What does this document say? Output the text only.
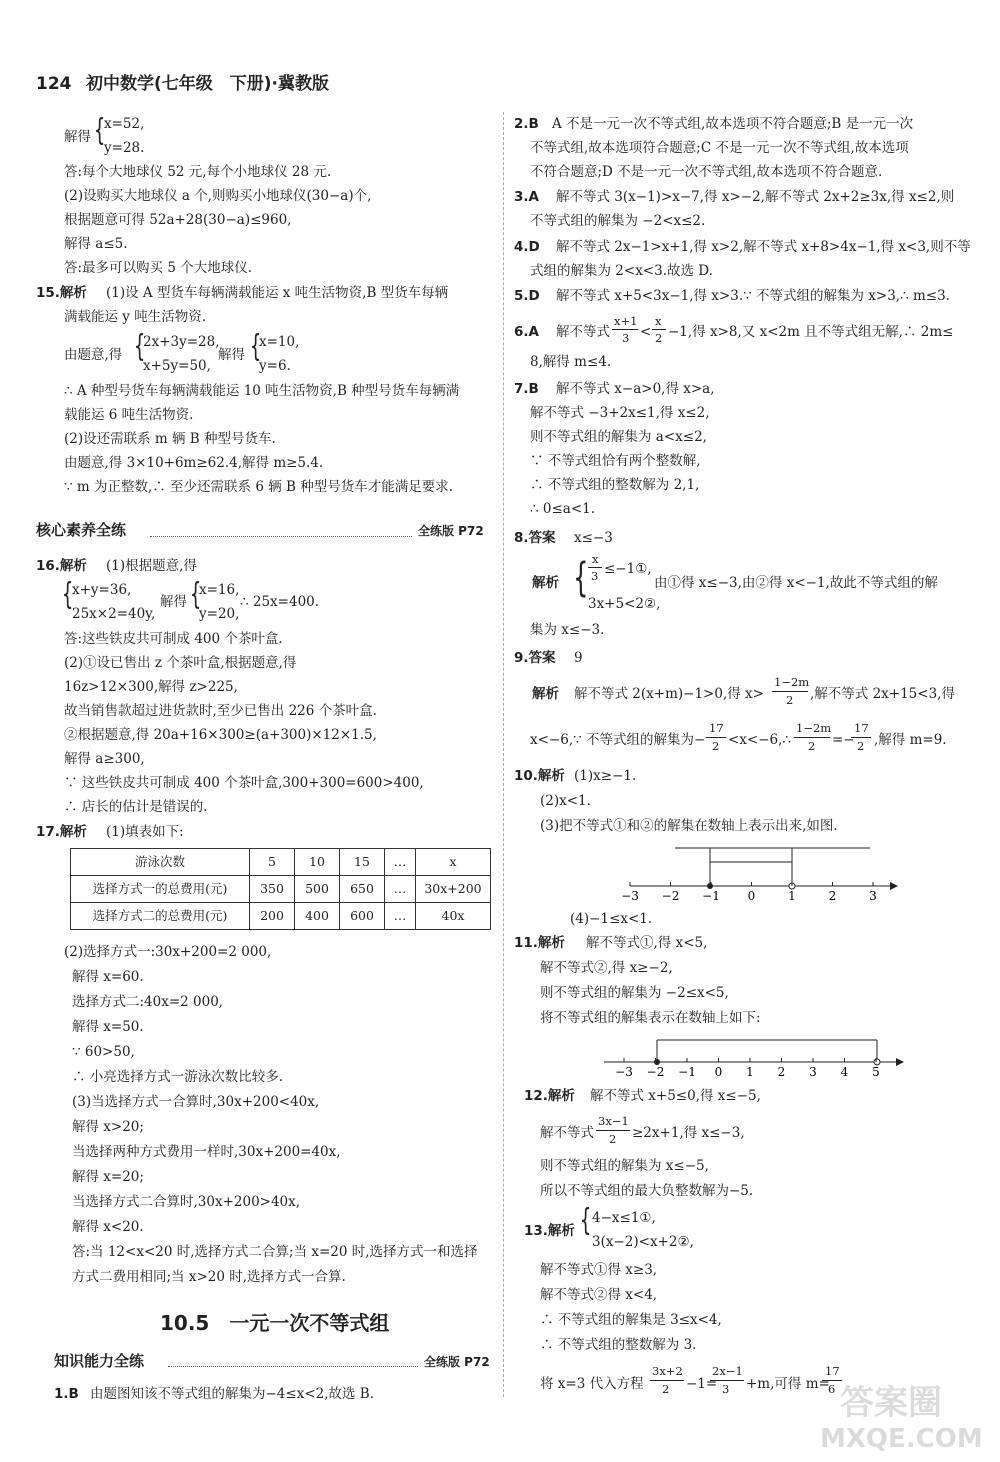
124 初中数学(七年级　下册)·冀教版
解得 {
x=52,
y=28.
答:每个大地球仪 52 元,每个小地球仪 28 元.
(2)设购买大地球仪 a 个,则购买小地球仪(30−a)个,
根据题意可得 52a+28(30−a)≤960,
解得 a≤5.
答:最多可以购买 5 个大地球仪.
15.解析 (1)设 A 型货车每辆满载能运 x 吨生活物资,B 型货车每辆
满载能运 y 吨生活物资.
由题意,得 {
2x+3y=28,
x+5y=50,
解得 {
x=10,
y=6.
∴ A 种型号货车每辆满载能运 10 吨生活物资,B 种型号货车每辆满
载能运 6 吨生活物资.
(2)设还需联系 m 辆 B 种型号货车.
由题意,得 3×10+6m≥62.4,解得 m≥5.4.
∵ m 为正整数,∴ 至少还需联系 6 辆 B 种型号货车才能满足要求.
核心素养全练	全练版 P72
16.解析 (1)根据题意,得
{
x+y=36,
25x×2=40y,
解得 {
x=16,
y=20,
∴ 25x=400.
答:这些铁皮共可制成 400 个茶叶盒.
(2)①设已售出 z 个茶叶盒,根据题意,得
16z>12×300,解得 z>225,
故当销售款超过进货款时,至少已售出 226 个茶叶盒.
②根据题意,得 20a+16×300≥(a+300)×12×1.5,
解得 a≥300,
∵ 这些铁皮共可制成 400 个茶叶盒,300+300=600>400,
∴ 店长的估计是错误的.
17.解析 (1)填表如下:
游泳次数	5	10	15	…	x
选择方式一的总费用(元)	350	500	650	…	30x+200
选择方式二的总费用(元)	200	400	600	…	40x
(2)选择方式一:30x+200=2 000,
解得 x=60.
选择方式二:40x=2 000,
解得 x=50.
∵ 60>50,
∴ 小亮选择方式一游泳次数比较多.
(3)当选择方式一合算时,30x+200<40x,
解得 x>20;
当选择两种方式费用一样时,30x+200=40x,
解得 x=20;
当选择方式二合算时,30x+200>40x,
解得 x<20.
答:当 12<x<20 时,选择方式二合算;当 x=20 时,选择方式一和选择
方式二费用相同;当 x>20 时,选择方式一合算.
10.5　一元一次不等式组
知识能力全练	全练版 P72
1.B 由题图知该不等式组的解集为−4≤x<2,故选 B.
2.B A 不是一元一次不等式组,故本选项不符合题意;B 是一元一次
不等式组,故本选项符合题意;C 不是一元一次不等式组,故本选项
不符合题意;D 不是一元一次不等式组,故本选项不符合题意.
3.A 解不等式 3(x−1)>x−7,得 x>−2,解不等式 2x+2≥3x,得 x≤2,则
不等式组的解集为 −2<x≤2.
4.D 解不等式 2x−1>x+1,得 x>2,解不等式 x+8>4x−1,得 x<3,则不等
式组的解集为 2<x<3.故选 D.
5.D 解不等式 x+5<3x−1,得 x>3.∵ 不等式组的解集为 x>3,∴ m≤3.
6.A 解不等式
x+1
3 <
x
2 −1,得 x>8,又 x<2m 且不等式组无解,∴ 2m≤
8,解得 m≤4.
7.B 解不等式 x−a>0,得 x>a,
解不等式 −3+2x≤1,得 x≤2,
则不等式组的解集为 a<x≤2,
∵ 不等式组恰有两个整数解,
∴ 不等式组的整数解为 2,1,
∴ 0≤a<1.
8.答案 x≤−3
解析 { x
3 ≤−1①,
3x+5<2②,
由①得 x≤−3,由②得 x<−1,故此不等式组的解
集为 x≤−3.
9.答案 9
解析 解不等式 2(x+m)−1>0,得 x>
1−2m
2 ,解不等式 2x+15<3,得
x<−6,∵ 不等式组的解集为−
17
2 <x<−6,∴
1−2m
2 =−
17
2 ,解得 m=9.
10.解析 (1)x≥−1.
(2)x<1.
(3)把不等式①和②的解集在数轴上表示出来,如图.
−3 −2 −1 0	1	2	3
(4)−1≤x<1.
11.解析 解不等式①,得 x<5,
解不等式②,得 x≥−2,
则不等式组的解集为 −2≤x<5,
将不等式组的解集表示在数轴上如下:
−3 −2 −1 0 1 2 3 4 5
12.解析 解不等式 x+5≤0,得 x≤−5,
解不等式
3x−1
2 ≥2x+1,得 x≤−3,
则不等式组的解集为 x≤−5,
所以不等式组的最大负整数解为−5.
13.解析 { 4−x≤1①,
3(x−2)<x+2②,
解不等式①得 x≥3,
解不等式②得 x<4,
∴ 不等式组的解集是 3≤x<4,
∴ 不等式组的整数解为 3.
将 x=3 代入方程
3x+2
2 −1=
2x−1
3 +m,可得 m=
17
6 答案圈
MXQE.COM
